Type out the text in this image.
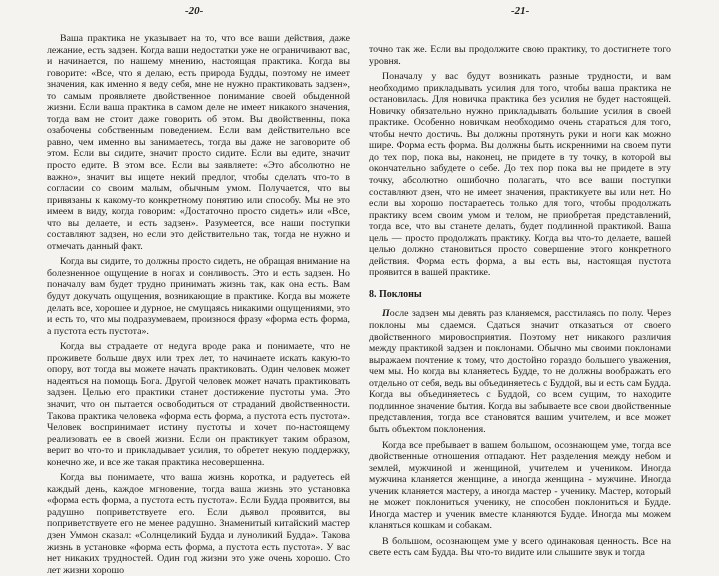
-20-

Ваша практика не указывает на то, что все ваши действия, даже лежание, есть задзен. Когда ваши недостатки уже не ограничивают вас, и начинается, по нашему мнению, настоящая практика. Когда вы говорите: «Все, что я делаю, есть природа Будды, поэтому не имеет значения, как именно я веду себя, мне не нужно практиковать задзен», то самым проявляете двойственное понимание своей обыденной жизни. Если ваша практика в самом деле не имеет никакого значения, тогда вам не стоит даже говорить об этом. Вы двойственны, пока озабочены собственным поведением. Если вам действительно все равно, чем именно вы занимаетесь, тогда вы даже не заговорите об этом. Если вы сидите, значит просто сидите. Если вы едите, значит просто едите. В этом все. Если вы заявляете: «Это абсолютно не важно», значит вы ищете некий предлог, чтобы сделать что-то в согласии со своим малым, обычным умом. Получается, что вы привязаны к какому-то конкретному понятию или способу. Мы не это имеем в виду, когда говорим: «Достаточно просто сидеть» или «Все, что вы делаете, и есть задзен». Разумеется, все наши поступки составляют задзен, но если это действительно так, тогда не нужно и отмечать данный факт.

Когда вы сидите, то должны просто сидеть, не обращая внимание на болезненное ощущение в ногах и сонливость. Это и есть задзен. Но поначалу вам будет трудно принимать жизнь так, как она есть. Вам будут докучать ощущения, возникающие в практике. Когда вы можете делать все, хорошее и дурное, не смущаясь никакими ощущениями, это и есть то, что мы подразумеваем, произнося фразу «форма есть форма, а пустота есть пустота».

Когда вы страдаете от недуга вроде рака и понимаете, что не проживете больше двух или трех лет, то начинаете искать какую-то опору, вот тогда вы можете начать практиковать. Один человек может надеяться на помощь Бога. Другой человек может начать практиковать задзен. Целью его практики станет достижение пустоты ума. Это значит, что он пытается освободиться от страданий двойственности. Такова практика человека «форма есть форма, а пустота есть пустота». Человек воспринимает истину пустоты и хочет по-настоящему реализовать ее в своей жизни. Если он практикует таким образом, верит во что-то и прикладывает усилия, то обретет некую поддержку, конечно же, и все же такая практика несовершенна.

Когда вы понимаете, что ваша жизнь коротка, и радуетесь ей каждый день, каждое мгновение, тогда ваша жизнь это установка «форма есть форма, а пустота есть пустота». Если Будда проявится, вы радушно поприветствуете его. Если дьявол проявится, вы поприветствуете его не менее радушно. Знаменитый китайский мастер дзен Уммон сказал: «Солнцеликий Будда и луноликий Будда». Такова жизнь в установке «форма есть форма, а пустота есть пустота». У вас нет никаких трудностей. Один год жизни это уже очень хорошо. Сто лет жизни хорошо

-21-

точно так же. Если вы продолжите свою практику, то достигнете того уровня.

Поначалу у вас будут возникать разные трудности, и вам необходимо прикладывать усилия для того, чтобы ваша практика не остановилась. Для новичка практика без усилия не будет настоящей. Новичку обязательно нужно прикладывать большие усилия в своей практике. Особенно новичкам необходимо очень стараться для того, чтобы нечто достичь. Вы должны протянуть руки и ноги как можно шире. Форма есть форма. Вы должны быть искренними на своем пути до тех пор, пока вы, наконец, не придете в ту точку, в которой вы окончательно забудете о себе. До тех пор пока вы не придете в эту точку, абсолютно ошибочно полагать, что все ваши поступки составляют дзен, что не имеет значения, практикуете вы или нет. Но если вы хорошо постараетесь только для того, чтобы продолжать практику всем своим умом и телом, не приобретая представлений, тогда все, что вы станете делать, будет подлинной практикой. Ваша цель — просто продолжать практику. Когда вы что-то делаете, вашей целью должно становиться просто совершение этого конкретного действия. Форма есть форма, а вы есть вы, настоящая пустота проявится в вашей практике.

8. Поклоны

После задзен мы девять раз кланяемся, расстилаясь по полу. Через поклоны мы сдаемся. Сдаться значит отказаться от своего двойственного мировосприятия. Поэтому нет никакого различия между практикой задзен и поклонами. Обычно мы своими поклонами выражаем почтение к тому, что достойно гораздо большего уважения, чем мы. Но когда вы кланяетесь Будде, то не должны воображать его отдельно от себя, ведь вы объединяетесь с Буддой, вы и есть сам Будда. Когда вы объединяетесь с Буддой, со всем сущим, то находите подлинное значение бытия. Когда вы забываете все свои двойственные представления, тогда все становятся вашим учителем, и все может быть объектом поклонения.

Когда все пребывает в вашем большом, осознающем уме, тогда все двойственные отношения отпадают. Нет разделения между небом и землей, мужчиной и женщиной, учителем и учеником. Иногда мужчина кланяется женщине, а иногда женщина - мужчине. Иногда ученик кланяется мастеру, а иногда мастер - ученику. Мастер, который не может поклониться ученику, не способен поклониться и Будде. Иногда мастер и ученик вместе кланяются Будде. Иногда мы можем кланяться кошкам и собакам.

В большом, осознающем уме у всего одинаковая ценность. Все на свете есть сам Будда. Вы что-то видите или слышите звук и тогда
